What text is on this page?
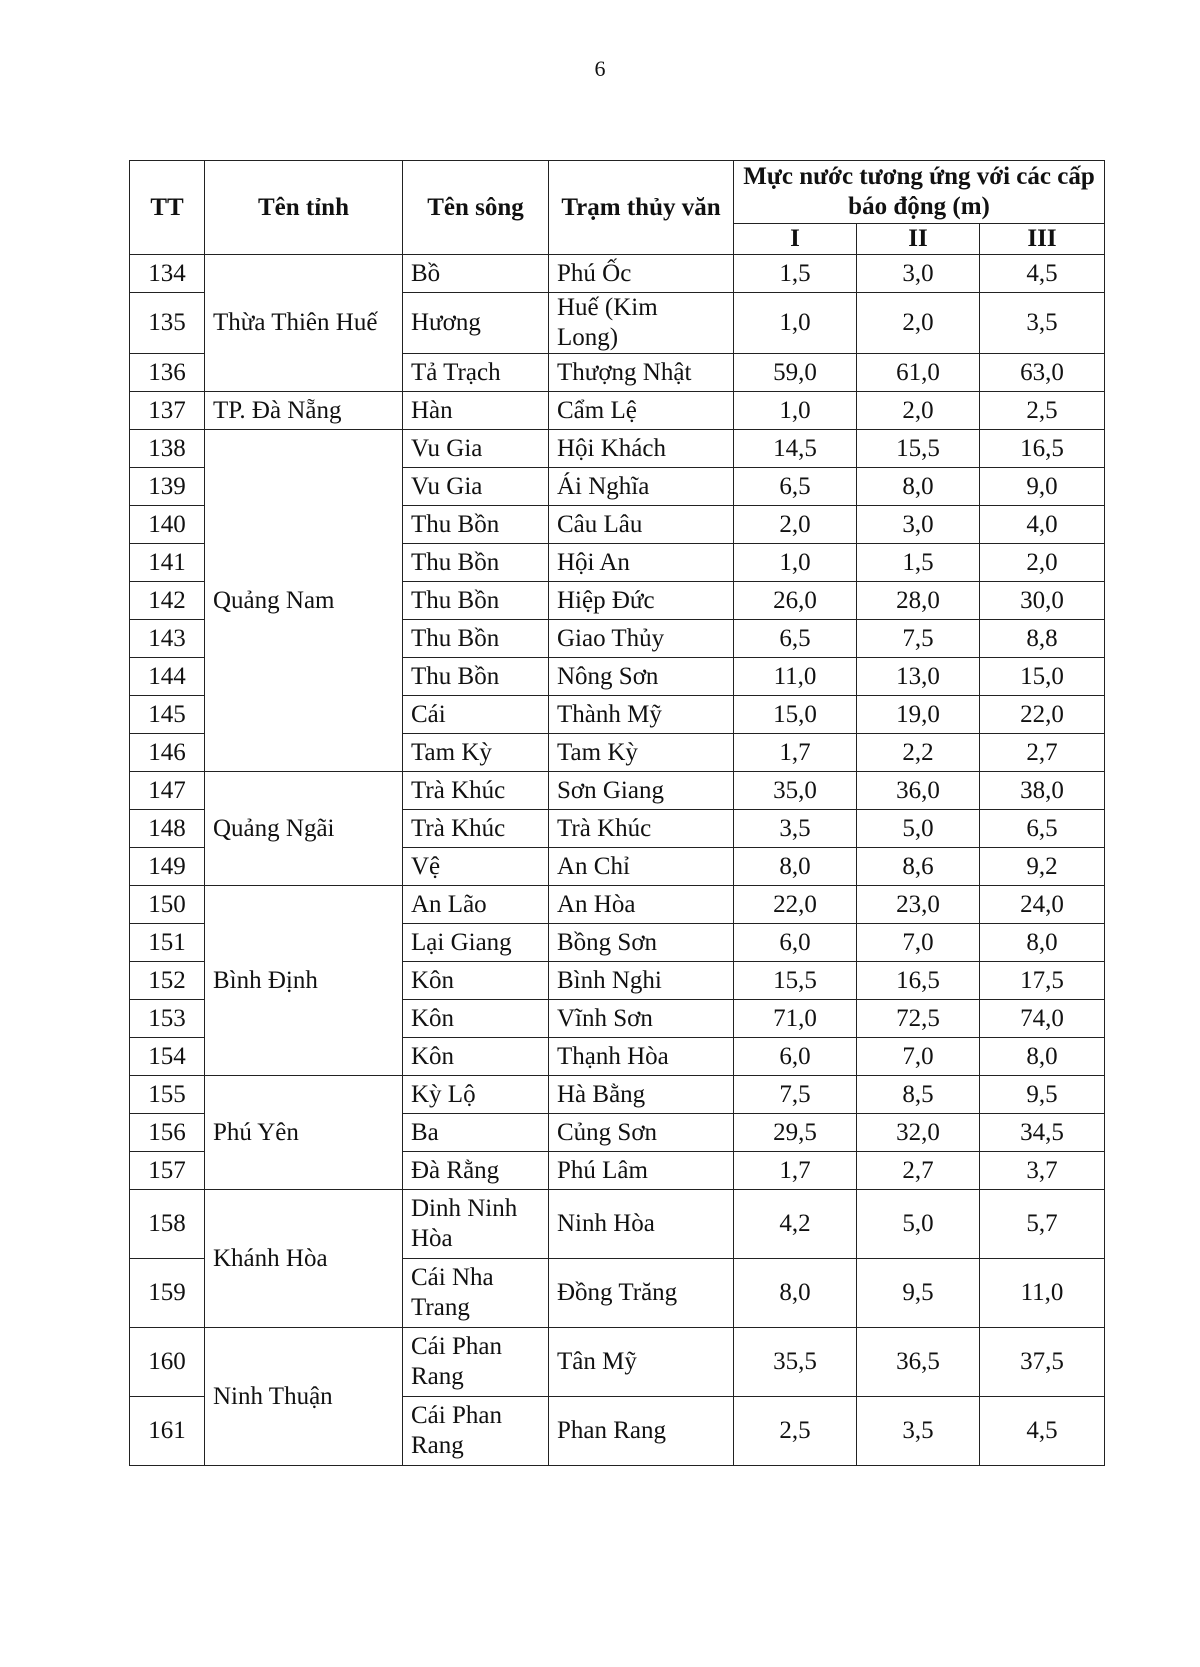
6
TT	Tên tỉnh	Tên sông	Trạm thủy văn	Mực nước tương ứng với các cấp báo động (m)		
				I	II	III
134	Thừa Thiên Huế	Bồ	Phú Ốc	1,5	3,0	4,5
135		Hương	Huế (Kim Long)	1,0	2,0	3,5
136		Tả Trạch	Thượng Nhật	59,0	61,0	63,0
137	TP. Đà Nẵng	Hàn	Cẩm Lệ	1,0	2,0	2,5
138	Quảng Nam	Vu Gia	Hội Khách	14,5	15,5	16,5
139		Vu Gia	Ái Nghĩa	6,5	8,0	9,0
140		Thu Bồn	Câu Lâu	2,0	3,0	4,0
141		Thu Bồn	Hội An	1,0	1,5	2,0
142		Thu Bồn	Hiệp Đức	26,0	28,0	30,0
143		Thu Bồn	Giao Thủy	6,5	7,5	8,8
144		Thu Bồn	Nông Sơn	11,0	13,0	15,0
145		Cái	Thành Mỹ	15,0	19,0	22,0
146		Tam Kỳ	Tam Kỳ	1,7	2,2	2,7
147	Quảng Ngãi	Trà Khúc	Sơn Giang	35,0	36,0	38,0
148		Trà Khúc	Trà Khúc	3,5	5,0	6,5
149		Vệ	An Chỉ	8,0	8,6	9,2
150	Bình Định	An Lão	An Hòa	22,0	23,0	24,0
151		Lại Giang	Bồng Sơn	6,0	7,0	8,0
152		Kôn	Bình Nghi	15,5	16,5	17,5
153		Kôn	Vĩnh Sơn	71,0	72,5	74,0
154		Kôn	Thạnh Hòa	6,0	7,0	8,0
155	Phú Yên	Kỳ Lộ	Hà Bằng	7,5	8,5	9,5
156		Ba	Củng Sơn	29,5	32,0	34,5
157		Đà Rằng	Phú Lâm	1,7	2,7	3,7
158	Khánh Hòa	Dinh Ninh Hòa	Ninh Hòa	4,2	5,0	5,7
159		Cái Nha Trang	Đồng Trăng	8,0	9,5	11,0
160	Ninh Thuận	Cái Phan Rang	Tân Mỹ	35,5	36,5	37,5
161		Cái Phan Rang	Phan Rang	2,5	3,5	4,5
